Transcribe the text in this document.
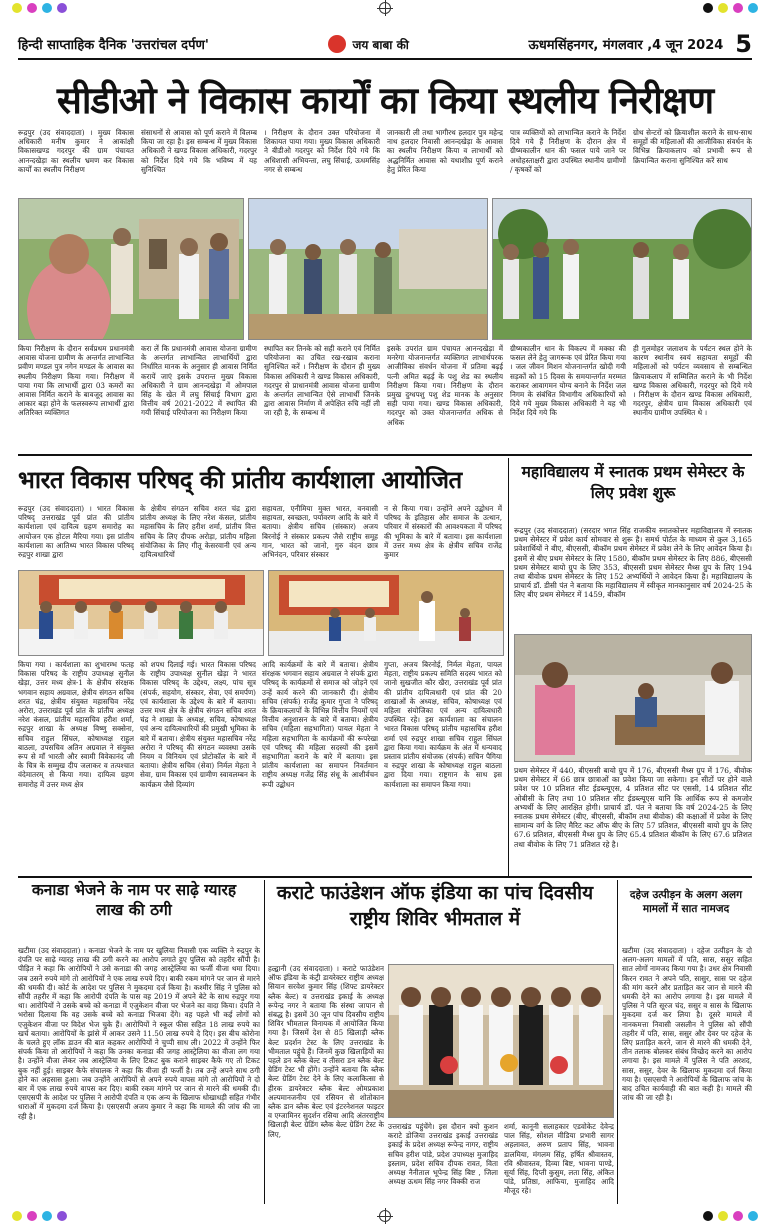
हिन्दी साप्ताहिक दैनिक 'उत्तरांचल दर्पण'	जय बाबा की	ऊधमसिंहनगर, मंगलवार ,4 जून 2024 5
सीडीओ ने विकास कार्यों का किया स्थलीय निरीक्षण
रूद्रपुर (उद संवाददाता) । मुख्य विकास अधिकारी मनीष कुमार ने आकांक्षी विकासखण्ड गदरपुर की ग्राम पंचायत आनन्दखेड़ा का स्थलीय भ्रमण कर विकास कार्यों का स्थलीय निरीक्षण
संसाधनों से आवास को पूर्ण कराने में विलम्ब किया जा रहा है। इस सम्बन्ध में मुख्य विकास अधिकारी ने खण्ड विकास अधिकारी, गदरपुर को निर्देश दिये गये कि भविष्य में यह सुनिश्चित
। निरीक्षण के दौरान उक्त परियोजना में शिकायत पाया गया। मुख्य विकास अधिकारी ने बीडीओ गदरपुर को निर्देश दिये गये कि अधिशासी अभियन्ता, लघु सिंचाई, ऊधमसिंह नगर से सम्बन्ध
जानकारी ली तथा भागीरथ हलदार पुत्र महेन्द्र नाथ हलदार निवासी आनन्दखेड़ा के आवास का स्थलीय निरीक्षण किया व लाभार्थी को अद्धनिर्मित आवास को यथाशीघ्र पूर्ण कराने हेतु प्रेरित किया
पात्र व्यक्तियों को लाभान्वित कराने के निर्देश दिये गये हैं निरीक्षण के दौरान क्षेत्र में ग्रीष्मकालीन धान की फसल पाये जाने पर अधोहस्ताक्षरी द्वारा उपस्थित स्थानीय ग्रामीणों / कृषकों को
ग्रोथ सेन्टरों को क्रियाशील कराने के साथ-साथ समूहों की महिलाओं की आजीविका संवर्धन के विभिन्न क्रियाकलाप को प्रभावी रूप से क्रियान्वित कराना सुनिश्चित करें साथ
किया निरीक्षण के दौरान सर्वप्रथम प्रधानमंत्री आवास योजना ग्रामीण के अन्तर्गत लाभान्वित प्रवीण मण्डल पुत्र नगेन मण्डल के आवास का स्थलीय निरीक्षण किया गया। निरीक्षण में पाया गया कि लाभार्थी द्वारा 03 कमरों का आवास निर्मित कराने के बावजूद आवास का आकार बड़ा होने के फलस्वरूप लाभार्थी द्वारा अतिरिक्त व्यक्तिगत
करा लें कि प्रधानमंत्री आवास योजना ग्रामीण के अन्तर्गत लाभान्वित लाभार्थियों द्वारा निर्धारित मानक के अनुसार ही आवास निर्मित करायें जाएं इसके उपरान्त मुख्य विकास अधिकारी ने ग्राम आनन्दखेड़ा में ओमपाल सिंह के खेत में लघु सिंचाई विभाग द्वारा वित्तीय वर्ष 2021-2022 में स्थापित की गयी सिंचाई परियोजना का निरीक्षण किया
स्थापित कर तिनके को सही कराने एवं निर्मित परियोजना का उचित रख-रखाव कराना सुनिश्चित करें । निरीक्षण के दौरान ही मुख्य विकास अधिकारी ने खण्ड विकास अधिकारी, गदरपुर से प्राधानमंत्री आवास योजना ग्रामीण के अन्तर्गत लाभान्वित ऐसे लाभार्थी जिनके द्वारा आवास निर्माण में अपेक्षित रुचि नहीं ली जा रही है, के सम्बन्ध में
इसके उपरांत ग्राम पंचायत आनन्दखेड़ा में मनरेगा योजनान्तर्गत व्यक्तिगत लाभार्थपरक आजीविका संवर्धन योजना में प्रतिमा बढ़ई पत्नी अमित बढ़ई के पशु शेड का स्थलीय निरीक्षण किया गया। निरीक्षण के दौरान प्रमुख दुग्धपशु पशु शेड मानक के अनुसार सही पाया गया। खण्ड विकास अधिकारी, गदरपुर को उक्त योजनान्तर्गत अधिक से अधिक
ग्रीष्मकालीन धान के विकल्प में मक्का की फसल लेने हेतु जागरूक एवं प्रेरित किया गया । जल जीवन मिशन योजनान्तर्गत खोदी गयी सड़कों को 15 दिवस के समयान्तर्गत मरम्मत कराकर आवागमन योग्य बनाने के निर्देश जल निगम के संबंधित विभागीय अधिकारियों को दिये गये मुख्य विकास अधिकारी ने यह भी निर्देश दिये गये कि
ही गुलमोहर जलाशय के पर्यटन स्थल होने के कारण स्थानीय स्वयं सहायता समूहों की महिलाओं को पर्यटन व्यवसाय से सम्बन्धित क्रियाकलाप में सम्मिलित कराने के भी निर्देश खण्ड विकास अधिकारी, गदरपुर को दिये गये । निरीक्षण के दौरान खण्ड विकास अधिकारी, गदरपुर, क्षेत्रीय ग्राम विकास अधिकारी एवं स्थानीय ग्रामीण उपस्थित थे ।
भारत विकास परिषद् की प्रांतीय कार्यशाला आयोजित
रूद्रपुर (उद संवाददाता) । भारत विकास परिषद् उत्तराखंड पूर्व प्रांत की प्रांतीय कार्यशाला एवं दायित्व ग्रहण समारोह का आयोजन एक होटल मैरिया गया। इस प्रांतीय कार्यशाला का आतिथ्य भारत विकास परिषद् रुद्रपुर शाखा द्वारा
के क्षेत्रीय संगठन सचिव शरत चंद्र द्वारा प्रांतीय अध्यक्ष के लिए नरेश कंसल, प्रांतीय महासचिव के लिए हरीश शर्मा, प्रांतीय वित्त सचिव के लिए दीपक अरोड़ा, प्रांतीय महिला संयोजिका के लिए गीतू केसरवानी एवं अन्य दायित्वधारियों
सहायता, एनीमिया मुक्त भारत, वनवासी सहायता, स्वच्छता, पर्यावरण आदि के बारे में बताया। क्षेत्रीय सचिव (संस्कार) अजय बिरनोई ने संस्कार प्रकल्प जैसे राष्ट्रीय समूह गान, भारत को जानो, गुरु वंदन छात्र अभिनंदन, परिवार संस्कार
न से किया गया। उन्होंने अपने उद्बोधन में परिषद के इतिहास और समाज के उत्थान, परिवार में संस्कारों की आवश्यकता में परिषद की भूमिका के बारे में बताया। इस कार्यशाला में उत्तर मध्य क्षेत्र के क्षेत्रीय सचिव राजेंद्र कुमार
किया गया । कार्यशाला का शुभारम्भ फतह विकास परिषद के राष्ट्रीय उपाध्यक्ष सुनील खेड़ा, उत्तर मध्य क्षेत्र-1 के क्षेत्रीय संरक्षक भगवान सहाय अग्रवाल, क्षेत्रीय संगठन सचिव शरत चंद्र, क्षेत्रीय संयुक्त महासचिव नरेंद्र अरोरा, उत्तराखंड पूर्व प्रांत के प्रांतीय अध्यक्ष नरेश कंसल, प्रांतीय महासचिव हरीश शर्मा, रुद्रपुर शाखा के अध्यक्ष विष्णु सक्सेना, सचिव राहुल सिंघल, कोषाध्यक्ष राहुल बाठला, उपसचिव अतिन अग्रवाल ने संयुक्त रूप से माँ भारती और स्वामी विवेकानंद जी के चित्र के सम्मुख दीप जलाकर व तत्पश्चात वंदेमातरम् से किया गया। दायित्व ग्रहण समारोह में उत्तर मध्य क्षेत्र
को शपथ दिलाई गई। भारत विकास परिषद के राष्ट्रीय उपाध्यक्ष सुनील खेड़ा ने भारत विकास परिषद् के उद्देश्य, लक्ष्य, पांच सूत्र (संपर्क, सहयोग, संस्कार, सेवा, एवं समर्पण) एवं कार्यशाला के उद्देश्य के बारे में बताया। उत्तर मध्य क्षेत्र के क्षेत्रीय संगठन सचिव शरत चंद्र ने शाखा के अध्यक्ष, सचिव, कोषाध्यक्ष एवं अन्य दायित्वधारियों की प्रमुखी भूमिका के बारे में बताया। क्षेत्रीय संयुक्त महासचिव नरेंद्र अरोरा ने परिषद् की संगठन व्यवस्था उसके नियम व विनियम एवं प्रोटोकॉल के बारे में बताया। क्षेत्रीय सचिव (सेवा) निर्मल मेहता ने सेवा, ग्राम विकास एवं ग्रामीण स्वावलम्बन के कार्यक्रम जैसे दिव्यांग
आदि कार्यक्रमों के बारे में बताया। क्षेत्रीय संरक्षक भगवान सहाय अग्रवाल ने संपर्क द्वारा परिषद् के कार्यक्रमों से समाज को जोड़ने एवं उन्हें कार्य करने की जानकारी दी। क्षेत्रीय सचिव (संपर्क) राजेंद्र कुमार गुप्ता ने परिषद् के क्रियाकलापों के विभिन्न वित्तीय नियमों एवं वित्तीय अनुशासन के बारे में बताया। क्षेत्रीय सचिव (महिला सहभागिता) पायल मेहता ने महिला सहभागिता के कार्यक्रमों की रूपरेखा एवं परिषद् की महिला सदस्यों की इसमें सहभागिता कराने के बारे में बताया। इस प्रांतीय कार्यशाला का समापन निवर्तमान राष्ट्रीय अध्यक्ष गजेंद्र सिंह संधू के आशीर्वचन रूपी उद्बोधन
गुप्ता, अजय बिरनोई, निर्मल मेहता, पायल मेहता, राष्ट्रीय प्रकल्प समिति सदस्य भारत को जानो सुखजीत कौर खैरा, उत्तराखंड पूर्व प्रांत की प्रांतीय दायित्वधारी एवं प्रांत की 20 शाखाओं के अध्यक्ष, सचिव, कोषाध्यक्ष एवं महिला संयोजिका एवं अन्य दायित्वधारी उपस्थित रहे। इस कार्यशाला का संचालन भारत विकास परिषद् प्रांतीय महासचिव हरीश शर्मा एवं रुद्रपुर शाखा सचिव राहुल सिंघल द्वारा किया गया। कार्यक्रम के अंत में धन्यवाद प्रस्ताव प्रांतीय संयोजक (संपर्क) सचिन पैगिया व रुद्रपुर शाखा के कोषाध्यक्ष राहुल बाठला द्वारा दिया गया। राष्ट्रगान के साथ इस कार्यशाला का समापन किया गया।
महाविद्यालय में स्नातक प्रथम सेमेस्टर के लिए प्रवेश शुरू
रूद्रपुर (उद संवाददाता) (सरदार भगत सिंह राजकीय स्नातकोत्तर महाविद्यालय में स्नातक प्रथम सेमेस्टर में प्रवेश कार्य सोमवार से शुरू है। समर्थ पोर्टल के माध्यम से कुल 3,165 प्रवेशार्थियों ने बीए, बीएससी, बीकॉम प्रथम सेमेस्टर में प्रवेश लेने के लिए आवेदन किया है। इसमें से बीए प्रथम सेमेस्टर के लिए 1580, बीकॉम प्रथम सेमेस्टर के लिए 886, बीएससी प्रथम सेमेस्टर बायो ग्रुप के लिए 353, बीएससी प्रथम सेमेस्टर मैथ्स ग्रुप के लिए 194 तथा बीवोक प्रथम सेमेस्टर के लिए 152 अभ्यर्थियों ने आवेदन किया है। महाविद्यालय के प्राचार्य डॉ. डीसी पंत ने बताया कि महाविद्यालय में स्वीकृत मानकानुसार वर्ष 2024-25 के लिए बीए प्रथम सेमेस्टर में 1459, बीकॉम
प्रथम सेमेस्टर में 440, बीएससी बायो ग्रुप में 176, बीएससी मैथ्स ग्रुप में 176, बीवोक प्रथम सेमेस्टर में 66 छात्र छात्राओं का प्रवेश किया जा सकेगा। इन सीटों पर होने वाले प्रवेश पर 10 प्रतिशत सीट ईडब्ल्यूएस, 4 प्रतिशत सीट पर एससी, 14 प्रतिशत सीट ओबीसी के लिए तथा 10 प्रतिशत सीट ईडब्ल्यूएस यानि कि आर्थिक रूप से कमजोर अभ्यर्थी के लिए आरक्षित होगी। प्राचार्य डॉ. पंत ने बताया कि वर्ष 2024-25 के लिए स्नातक प्रथम सेमेस्टर (बीए, बीएससी, बीकॉम तथा बीवोक) की कक्षाओं में प्रवेश के लिए सामान्य वर्ग के लिए मैरिट कट ऑफ बीए के लिए 57 प्रतिशत, बीएससी बायो ग्रुप के लिए 67.6 प्रतिशत, बीएससी मैथ्स ग्रुप के लिए 65.4 प्रतिशत बीकॉम के लिए 67.6 प्रतिशत तथा बीवोक के लिए 71 प्रतिशत रहे है।
कनाडा भेजने के नाम पर साढ़े ग्यारह लाख की ठगी
खटीमा (उद संवाददाता) । कनाडा भेजने के नाम पर खुलिया निवासी एक व्यक्ति ने रुद्रपुर के दंपति पर साढ़े ग्यारह लाख की ठगी करने का आरोप लगाते हुए पुलिस को तहरीर सौंपी है। पीड़ित ने कहा कि आरोपियों ने उसे कनाडा की जगह आस्ट्रेलिया का फर्जी वीजा थमा दिया। जब उसने रुपये मांगे तो आरोपियों ने एक लाख रुपये दिए। बाकी रकम मांगने पर जान से मारने की धमकी दी। कोर्ट के आदेश पर पुलिस ने मुकदमा दर्ज किया है। कश्मीर सिंह ने पुलिस को सौंपी तहरीर में कहा कि आरोपी दंपति के पास वह 2019 में अपने बेटे के साथ रुद्रपुर गया था। आरोपियों ने उसके बच्चे को कनाडा में एजुकेशन वीजा पर भेजने का वादा किया। दंपति ने भरोसा दिलाया कि वह उसके बच्चे को कनाडा भिजवा देंगे। वह पहले भी कई लोगों को एजुकेशन वीजा पर विदेश भेज चुके हैं। आरोपियों ने स्कूल फीस सहित 18 लाख रुपये का खर्च बताया। आरोपियों के झांसे में आकर उसने 11.50 लाख रुपये दे दिए। इस बीच कोरोना के चलते हुए लॉक डाउन की बात कहकर आरोपियों ने चुप्पी साध ली। 2022 में उन्होंने फिर संपर्क किया तो आरोपियों ने कहा कि उनका कनाडा की जगह आस्ट्रेलिया का वीजा लग गया है। उन्होंने वीजा लेकर जब आस्ट्रेलिया के लिए टिकट बुक कराने साइबर कैफे गए तो टिकट बुक नहीं हुई। साइबर कैफे संचालक ने कहा कि वीजा ही फर्जी है। तब उन्हें अपने साथ ठगी होने का अहसास हुआ। जब उन्होंने आरोपियों से अपने रुपये वापस मांगे तो आरोपियों ने दो बार में एक लाख रुपये वापस कर दिए। बाकी रकम मांगने पर जान से मारने की धमकी दी। एसएसपी के आदेश पर पुलिस ने आरोपी दंपति व एक अन्य के खिलाफ धोखाधड़ी सहित गंभीर धाराओं में मुकदमा दर्ज किया है। एसएसपी अजय कुमार ने कहा कि मामले की जांच की जा रही है।
कराटे फाउंडेशन ऑफ इंडिया का पांच दिवसीय राष्ट्रीय शिविर भीमताल में
हल्द्वानी (उद संवाददाता) । कराटे फाउंडेशन ऑफ इंडिया के कंट्री डायरेक्टर राष्ट्रीय अध्यक्ष सियान सरवेश कुमार सिंह (शिफ्ट डायरेक्टर ब्लैक बेल्ट) व उत्तराखंड इकाई के अध्यक्ष रूपेन्द्र नगर ने बताया कि संस्था जापान से संबद्ध है। इसमें 30 जून पांच दिवसीय राष्ट्रीय शिविर भीमताल विनायक में आयोजित किया गया है। जिसमें देश से 85 खिलाड़ी ब्लैक बेल्ट प्रदर्शन टेस्ट के लिए उत्तराखंड के भीमताल पहुंचे हैं। जिनमें कुछ खिलाड़ियों का पहले डन ब्लैक बेल्ट व तीसरा डन ब्लैक बेल्ट ग्रेडिंग टेस्ट भी होंगे। उन्होंने बताया कि ब्लैक बेल्ट ग्रेडिंग टेस्ट देने के लिए कलाकित्सा से हीरक डायरेक्टर ब्लैक बेल्ट ओमप्रकाश अल्पमानजनीय एवं रसियन से शोतोकान ब्लैक डान ब्लैक बेल्ट एवं इंटरनेशनल फाइटर व एग्जामिनर सुदर्शन रसिया आदि अंतरराष्ट्रीय खिलाड़ी बेल्ट ग्रेडिंग ब्लैक बेल्ट ग्रेडिंग टेस्ट के लिए,
उत्तराखंड पहुंचेंगे। इस दौरान क्यो कुशन कराटे डोजिया उत्तराखंड इकाई उत्तराखंड इकाई के प्रदेश अध्यक्ष रूपेन्द्र नागर, राष्ट्रीय सचिव हरीश पांडे, प्रदेश उपाध्यक्ष मुजाहिद इस्लाम, प्रदेश सचिव दीपक रावत, विता अध्यक्ष नैनीताल भूपेन्द्र सिंह बिष्ट , जिला अध्यक्ष ऊधम सिंह नगर विक्की राज
शर्मा, कानूनी सलाहकार एडवोकेट देवेन्द्र पाल सिंह, सोशल मीडिया प्रभारी सागर अहलावत, अरुण प्रताप सिंह, भावना डालमिया, मंगलम सिंह, हर्षित श्रीवास्तव, रवि श्रीवास्तव, दिव्या बिष्ट, भावना पाण्डे, सूर्या सिंह, दिप्ती कुसुम, लता सिंह, अंकित पांडे, प्रतिष्ठा, आफिया, मुजाहिद आदि मौजूद रहे।
दहेज उत्पीड़न के अलग अलग मामलों में सात नामजद
खटीमा (उद संवाददाता) । दहेज उत्पीड़न के दो अलग-अलग मामलों में पति, सास, ससुर सहित सात लोगों नामजद किया गया है। उधर क्षेत्र निवासी किरन रावत ने अपने पति, सासुर, सास पर दहेज की मांग करने और प्रताड़ित कर जान से मारने की धमकी देने का आरोप लगाया है। इस मामले में पुलिस ने पति सूरज चंद, ससुर व सास के खिलाफ मुकदमा दर्ज कर लिया है। दूसरे मामले में नानकमत्ता निवासी जसलीन ने पुलिस को सौंपी तहरीर में पति, सास, ससुर और देवर पर दहेज के लिए प्रताड़ित करने, जान से मारने की धमकी देने, तीन तलाक बोलकर संबंध विच्छेद करने का आरोप लगाया है। इस मामले में पुलिस ने पति अरशद, सास, ससुर, देवर के खिलाफ मुकदमा दर्ज किया गया है। एसएसपी ने आरोपियों के खिलाफ जांच के बाद उचित कार्यवाही की बात कही है। मामले की जांच की जा रही है।
